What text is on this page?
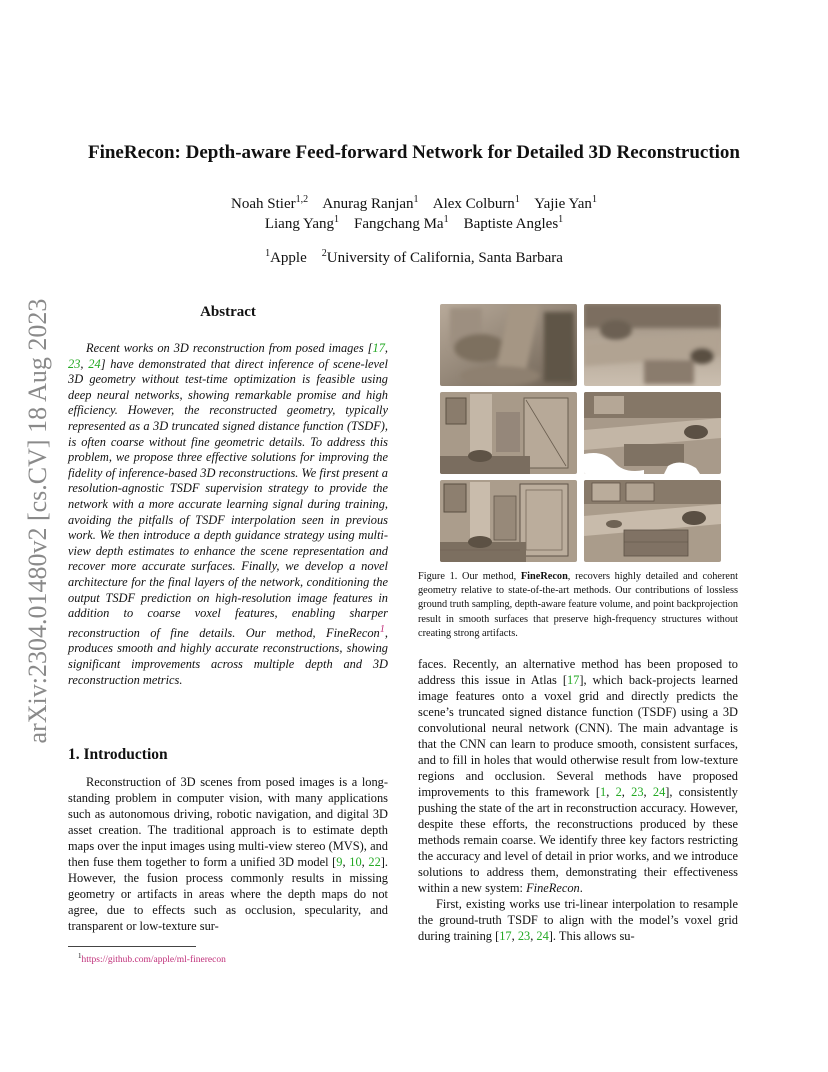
arXiv:2304.01480v2 [cs.CV] 18 Aug 2023
FineRecon: Depth-aware Feed-forward Network for Detailed 3D Reconstruction
Noah Stier$^{1,2}$ Anurag Ranjan$^1$ Alex Colburn$^1$ Yajie Yan$^1$
Liang Yang$^1$ Fangchang Ma$^1$ Baptiste Angles$^1$
$^1$Apple $^2$University of California, Santa Barbara
Abstract

Recent works on 3D reconstruction from posed images [17, 23, 24] have demonstrated that direct inference of scene-level 3D geometry without test-time optimization is feasible using deep neural networks, showing remarkable promise and high efficiency. However, the reconstructed geometry, typically represented as a 3D truncated signed distance function (TSDF), is often coarse without fine geometric details. To address this problem, we propose three effective solutions for improving the fidelity of inference-based 3D reconstructions. We first present a resolution-agnostic TSDF supervision strategy to provide the network with a more accurate learning signal during training, avoiding the pitfalls of TSDF interpolation seen in previous work. We then introduce a depth guidance strategy using multi-view depth estimates to enhance the scene representation and recover more accurate surfaces. Finally, we develop a novel architecture for the final layers of the network, conditioning the output TSDF prediction on high-resolution image features in addition to coarse voxel features, enabling sharper reconstruction of fine details. Our method, FineRecon$^1$, produces smooth and highly accurate reconstructions, showing significant improvements across multiple depth and 3D reconstruction metrics.

1. Introduction

Reconstruction of 3D scenes from posed images is a long-standing problem in computer vision, with many applications such as autonomous driving, robotic navigation, and digital 3D asset creation. The traditional approach is to estimate depth maps over the input images using multi-view stereo (MVS), and then fuse them together to form a unified 3D model [9, 10, 22]. However, the fusion process commonly results in missing geometry or artifacts in areas where the depth maps do not agree, due to effects such as occlusion, specularity, and transparent or low-texture sur-

$^1$https://github.com/apple/ml-finerecon
Figure 1. Our method, FineRecon, recovers highly detailed and coherent geometry relative to state-of-the-art methods. Our contributions of lossless ground truth sampling, depth-aware feature volume, and point backprojection result in smooth surfaces that preserve high-frequency structures without creating strong artifacts.

faces. Recently, an alternative method has been proposed to address this issue in Atlas [17], which back-projects learned image features onto a voxel grid and directly predicts the scene’s truncated signed distance function (TSDF) using a 3D convolutional neural network (CNN). The main advantage is that the CNN can learn to produce smooth, consistent surfaces, and to fill in holes that would otherwise result from low-texture regions and occlusion. Several methods have proposed improvements to this framework [1, 2, 23, 24], consistently pushing the state of the art in reconstruction accuracy. However, despite these efforts, the reconstructions produced by these methods remain coarse. We identify three key factors restricting the accuracy and level of detail in prior works, and we introduce solutions to address them, demonstrating their effectiveness within a new system: FineRecon.

First, existing works use tri-linear interpolation to resample the ground-truth TSDF to align with the model’s voxel grid during training [17, 23, 24]. This allows su-
